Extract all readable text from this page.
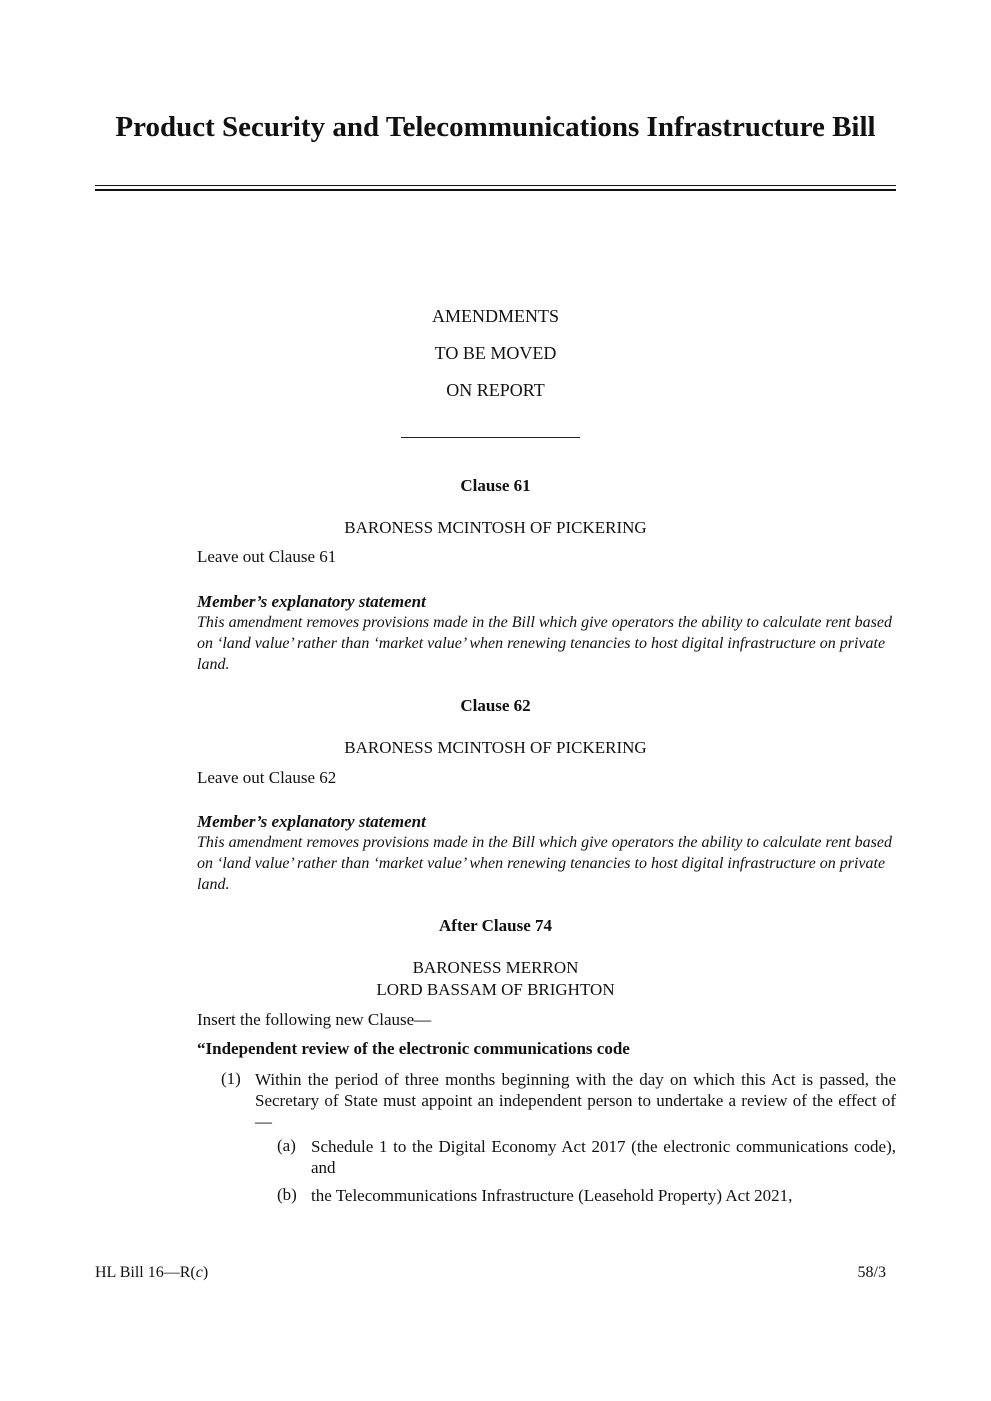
Product Security and Telecommunications Infrastructure Bill
AMENDMENTS
TO BE MOVED
ON REPORT
Clause 61
BARONESS MCINTOSH OF PICKERING
Leave out Clause 61
Member’s explanatory statement
This amendment removes provisions made in the Bill which give operators the ability to calculate rent based on ‘land value’ rather than ‘market value’ when renewing tenancies to host digital infrastructure on private land.
Clause 62
BARONESS MCINTOSH OF PICKERING
Leave out Clause 62
Member’s explanatory statement
This amendment removes provisions made in the Bill which give operators the ability to calculate rent based on ‘land value’ rather than ‘market value’ when renewing tenancies to host digital infrastructure on private land.
After Clause 74
BARONESS MERRON
LORD BASSAM OF BRIGHTON
Insert the following new Clause—
“Independent review of the electronic communications code
(1) Within the period of three months beginning with the day on which this Act is passed, the Secretary of State must appoint an independent person to undertake a review of the effect of—
(a) Schedule 1 to the Digital Economy Act 2017 (the electronic communications code), and
(b) the Telecommunications Infrastructure (Leasehold Property) Act 2021,
HL Bill 16—R(c)	58/3
